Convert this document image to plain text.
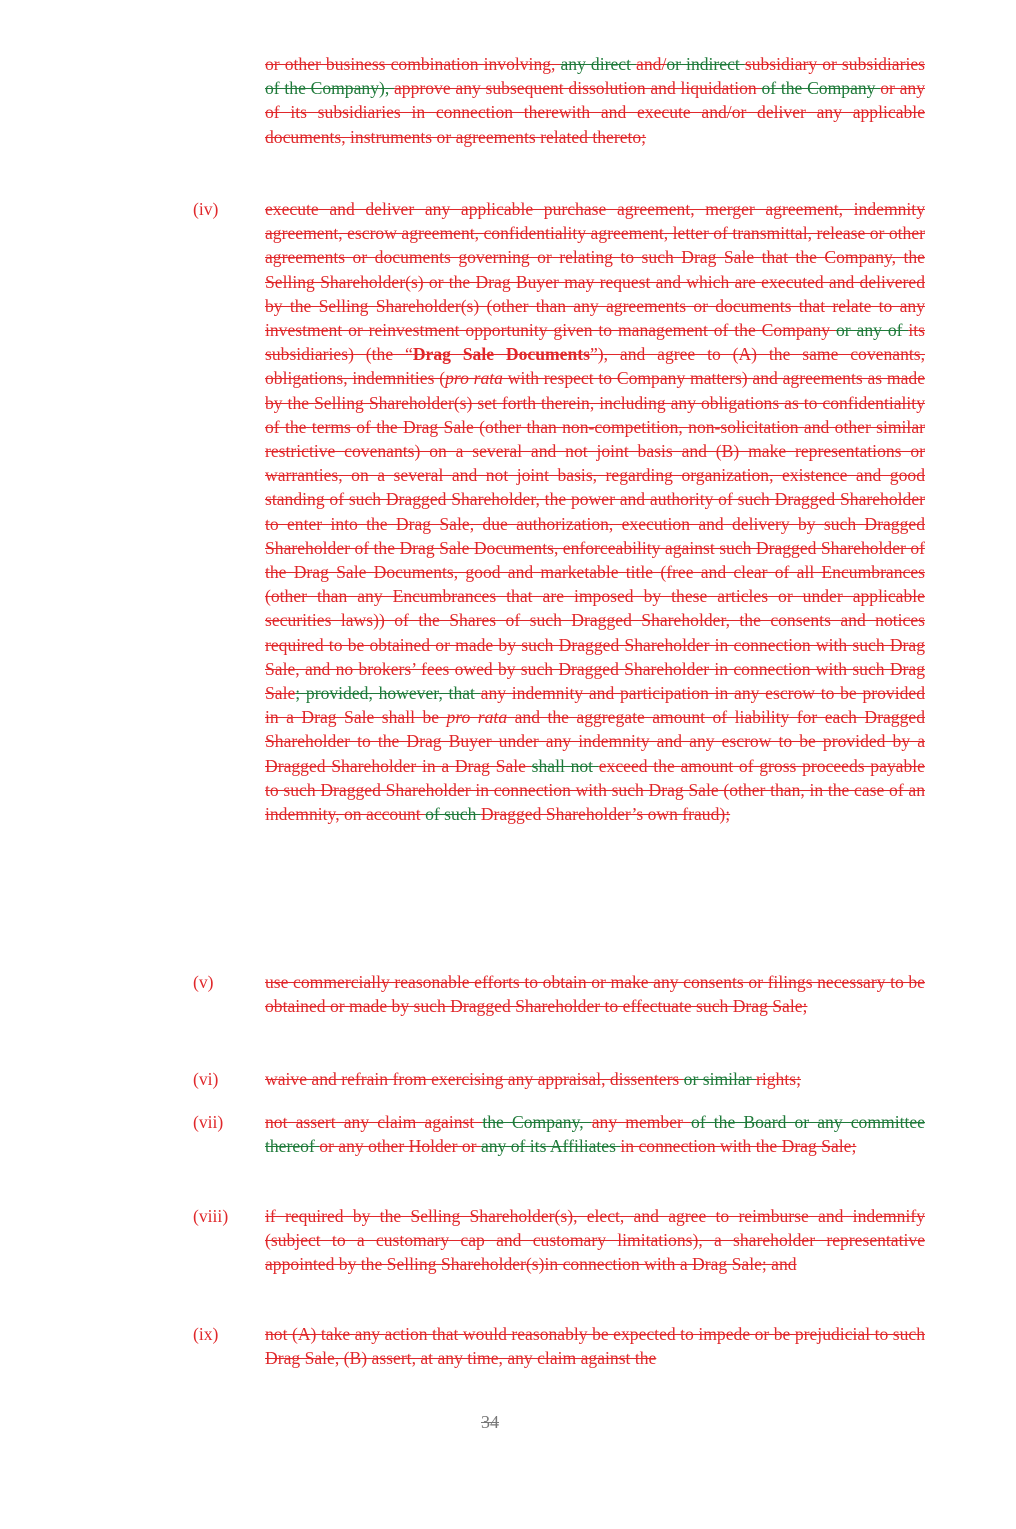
or other business combination involving, any direct and/or indirect subsidiary or subsidiaries of the Company), approve any subsequent dissolution and liquidation of the Company or any of its subsidiaries in connection therewith and execute and/or deliver any applicable documents, instruments or agreements related thereto;
(iv)	execute and deliver any applicable purchase agreement, merger agreement, indemnity agreement, escrow agreement, confidentiality agreement, letter of transmittal, release or other agreements or documents governing or relating to such Drag Sale that the Company, the Selling Shareholder(s) or the Drag Buyer may request and which are executed and delivered by the Selling Shareholder(s) (other than any agreements or documents that relate to any investment or reinvestment opportunity given to management of the Company or any of its subsidiaries) (the “Drag Sale Documents”), and agree to (A) the same covenants, obligations, indemnities (pro rata with respect to Company matters) and agreements as made by the Selling Shareholder(s) set forth therein, including any obligations as to confidentiality of the terms of the Drag Sale (other than non-competition, non-solicitation and other similar restrictive covenants) on a several and not joint basis and (B) make representations or warranties, on a several and not joint basis, regarding organization, existence and good standing of such Dragged Shareholder, the power and authority of such Dragged Shareholder to enter into the Drag Sale, due authorization, execution and delivery by such Dragged Shareholder of the Drag Sale Documents, enforceability against such Dragged Shareholder of the Drag Sale Documents, good and marketable title (free and clear of all Encumbrances (other than any Encumbrances that are imposed by these articles or under applicable securities laws)) of the Shares of such Dragged Shareholder, the consents and notices required to be obtained or made by such Dragged Shareholder in connection with such Drag Sale, and no brokers’ fees owed by such Dragged Shareholder in connection with such Drag Sale; provided, however, that any indemnity and participation in any escrow to be provided in a Drag Sale shall be pro rata and the aggregate amount of liability for each Dragged Shareholder to the Drag Buyer under any indemnity and any escrow to be provided by a Dragged Shareholder in a Drag Sale shall not exceed the amount of gross proceeds payable to such Dragged Shareholder in connection with such Drag Sale (other than, in the case of an indemnity, on account of such Dragged Shareholder’s own fraud);
(v)	use commercially reasonable efforts to obtain or make any consents or filings necessary to be obtained or made by such Dragged Shareholder to effectuate such Drag Sale;
(vi)	waive and refrain from exercising any appraisal, dissenters or similar rights;
(vii) not assert any claim against the Company, any member of the Board or any committee thereof or any other Holder or any of its Affiliates in connection with the Drag Sale;
(viii) if required by the Selling Shareholder(s), elect, and agree to reimburse and indemnify (subject to a customary cap and customary limitations), a shareholder representative appointed by the Selling Shareholder(s)in connection with a Drag Sale; and
(ix)	not (A) take any action that would reasonably be expected to impede or be prejudicial to such Drag Sale, (B) assert, at any time, any claim against the
34
